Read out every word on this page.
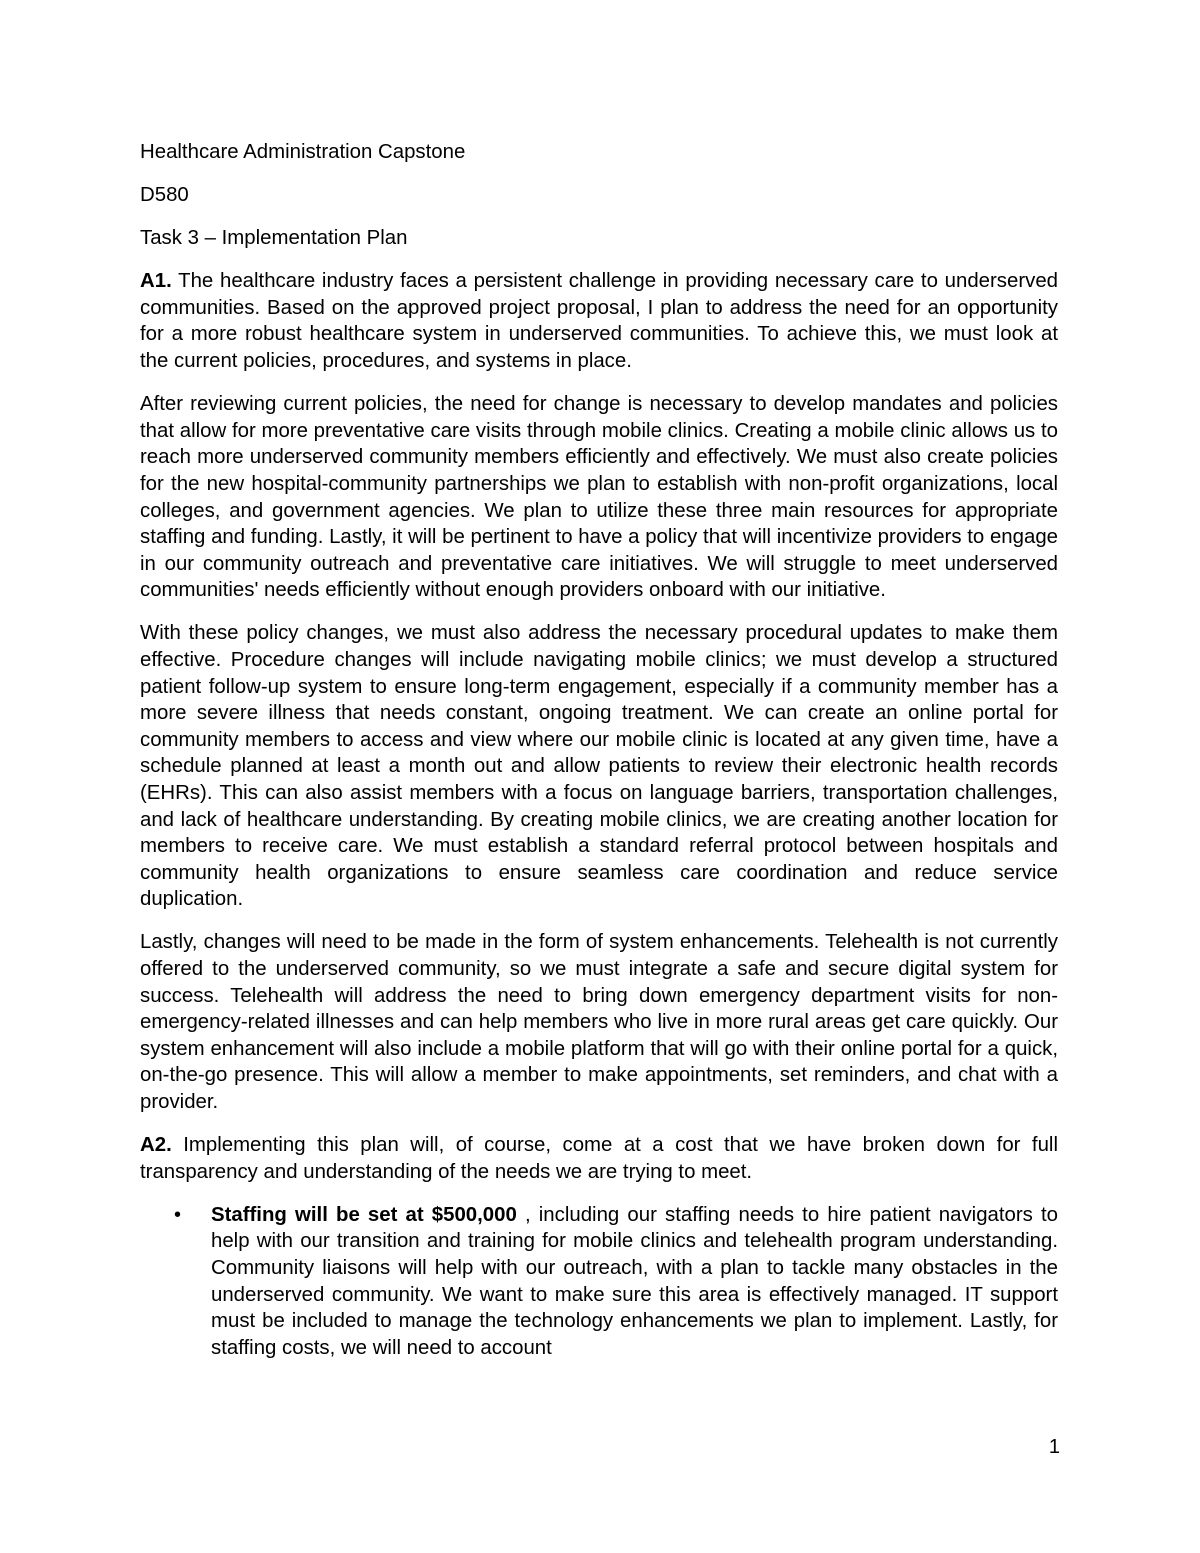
Healthcare Administration Capstone
D580
Task 3 – Implementation Plan

A1. The healthcare industry faces a persistent challenge in providing necessary care to underserved communities. Based on the approved project proposal, I plan to address the need for an opportunity for a more robust healthcare system in underserved communities. To achieve this, we must look at the current policies, procedures, and systems in place.

After reviewing current policies, the need for change is necessary to develop mandates and policies that allow for more preventative care visits through mobile clinics. Creating a mobile clinic allows us to reach more underserved community members efficiently and effectively. We must also create policies for the new hospital-community partnerships we plan to establish with non-profit organizations, local colleges, and government agencies. We plan to utilize these three main resources for appropriate staffing and funding. Lastly, it will be pertinent to have a policy that will incentivize providers to engage in our community outreach and preventative care initiatives. We will struggle to meet underserved communities' needs efficiently without enough providers onboard with our initiative.

With these policy changes, we must also address the necessary procedural updates to make them effective. Procedure changes will include navigating mobile clinics; we must develop a structured patient follow-up system to ensure long-term engagement, especially if a community member has a more severe illness that needs constant, ongoing treatment. We can create an online portal for community members to access and view where our mobile clinic is located at any given time, have a schedule planned at least a month out and allow patients to review their electronic health records (EHRs). This can also assist members with a focus on language barriers, transportation challenges, and lack of healthcare understanding. By creating mobile clinics, we are creating another location for members to receive care. We must establish a standard referral protocol between hospitals and community health organizations to ensure seamless care coordination and reduce service duplication.

Lastly, changes will need to be made in the form of system enhancements. Telehealth is not currently offered to the underserved community, so we must integrate a safe and secure digital system for success. Telehealth will address the need to bring down emergency department visits for non-emergency-related illnesses and can help members who live in more rural areas get care quickly. Our system enhancement will also include a mobile platform that will go with their online portal for a quick, on-the-go presence. This will allow a member to make appointments, set reminders, and chat with a provider.

A2. Implementing this plan will, of course, come at a cost that we have broken down for full transparency and understanding of the needs we are trying to meet.

• Staffing will be set at $500,000 , including our staffing needs to hire patient navigators to help with our transition and training for mobile clinics and telehealth program understanding. Community liaisons will help with our outreach, with a plan to tackle many obstacles in the underserved community. We want to make sure this area is effectively managed. IT support must be included to manage the technology enhancements we plan to implement. Lastly, for staffing costs, we will need to account
1
